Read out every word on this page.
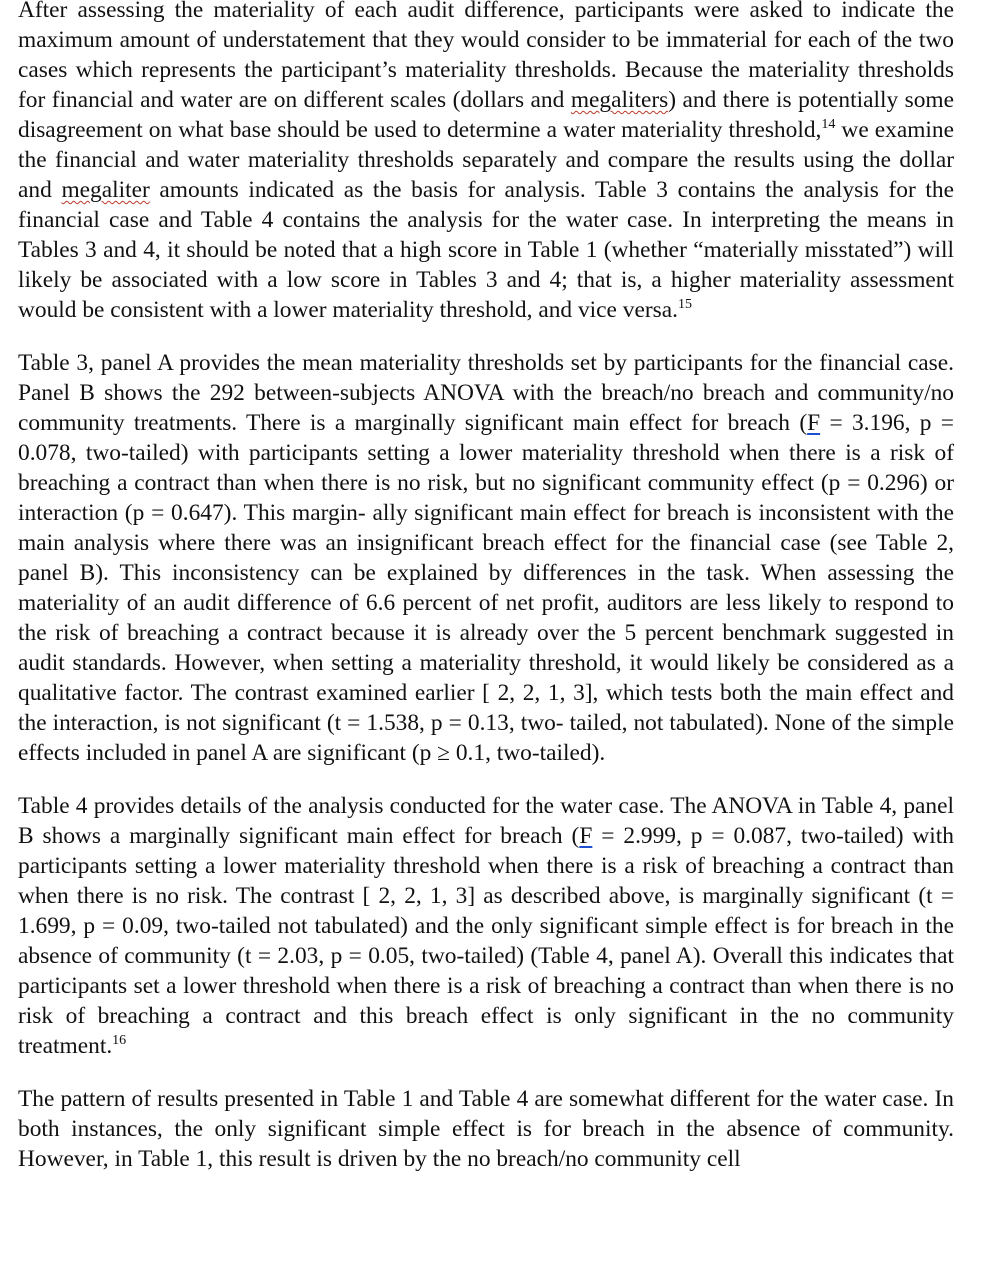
After assessing the materiality of each audit difference, participants were asked to indicate the maximum amount of understatement that they would consider to be immaterial for each of the two cases which represents the participant’s materiality thresholds. Because the materiality thresholds for financial and water are on different scales (dollars and megaliters) and there is potentially some disagreement on what base should be used to determine a water materiality threshold,$^{14}$ we examine the financial and water materiality thresholds separately and compare the results using the dollar and megaliter amounts indicated as the basis for analysis. Table 3 contains the analysis for the financial case and Table 4 contains the analysis for the water case. In interpreting the means in Tables 3 and 4, it should be noted that a high score in Table 1 (whether “materially misstated”) will likely be associated with a low score in Tables 3 and 4; that is, a higher materiality assessment would be consistent with a lower materiality threshold, and vice versa.$^{15}$

Table 3, panel A provides the mean materiality thresholds set by participants for the financial case. Panel B shows the 292 between-subjects ANOVA with the breach/no breach and community/no community treatments. There is a marginally significant main effect for breach (F = 3.196, p = 0.078, two-tailed) with participants setting a lower materiality threshold when there is a risk of breaching a contract than when there is no risk, but no significant community effect (p = 0.296) or interaction (p = 0.647). This margin- ally significant main effect for breach is inconsistent with the main analysis where there was an insignificant breach effect for the financial case (see Table 2, panel B). This inconsistency can be explained by differences in the task. When assessing the materiality of an audit difference of 6.6 percent of net profit, auditors are less likely to respond to the risk of breaching a contract because it is already over the 5 percent benchmark suggested in audit standards. However, when setting a materiality threshold, it would likely be considered as a qualitative factor. The contrast examined earlier [ 2, 2, 1, 3], which tests both the main effect and the interaction, is not significant (t = 1.538, p = 0.13, two- tailed, not tabulated). None of the simple effects included in panel A are significant (p ≥ 0.1, two-tailed).

Table 4 provides details of the analysis conducted for the water case. The ANOVA in Table 4, panel B shows a marginally significant main effect for breach (F = 2.999, p = 0.087, two-tailed) with participants setting a lower materiality threshold when there is a risk of breaching a contract than when there is no risk. The contrast [ 2, 2, 1, 3] as described above, is marginally significant (t = 1.699, p = 0.09, two-tailed not tabulated) and the only significant simple effect is for breach in the absence of community (t = 2.03, p = 0.05, two-tailed) (Table 4, panel A). Overall this indicates that participants set a lower threshold when there is a risk of breaching a contract than when there is no risk of breaching a contract and this breach effect is only significant in the no community treatment.$^{16}$

The pattern of results presented in Table 1 and Table 4 are somewhat different for the water case. In both instances, the only significant simple effect is for breach in the absence of community. However, in Table 1, this result is driven by the no breach/no community cell
